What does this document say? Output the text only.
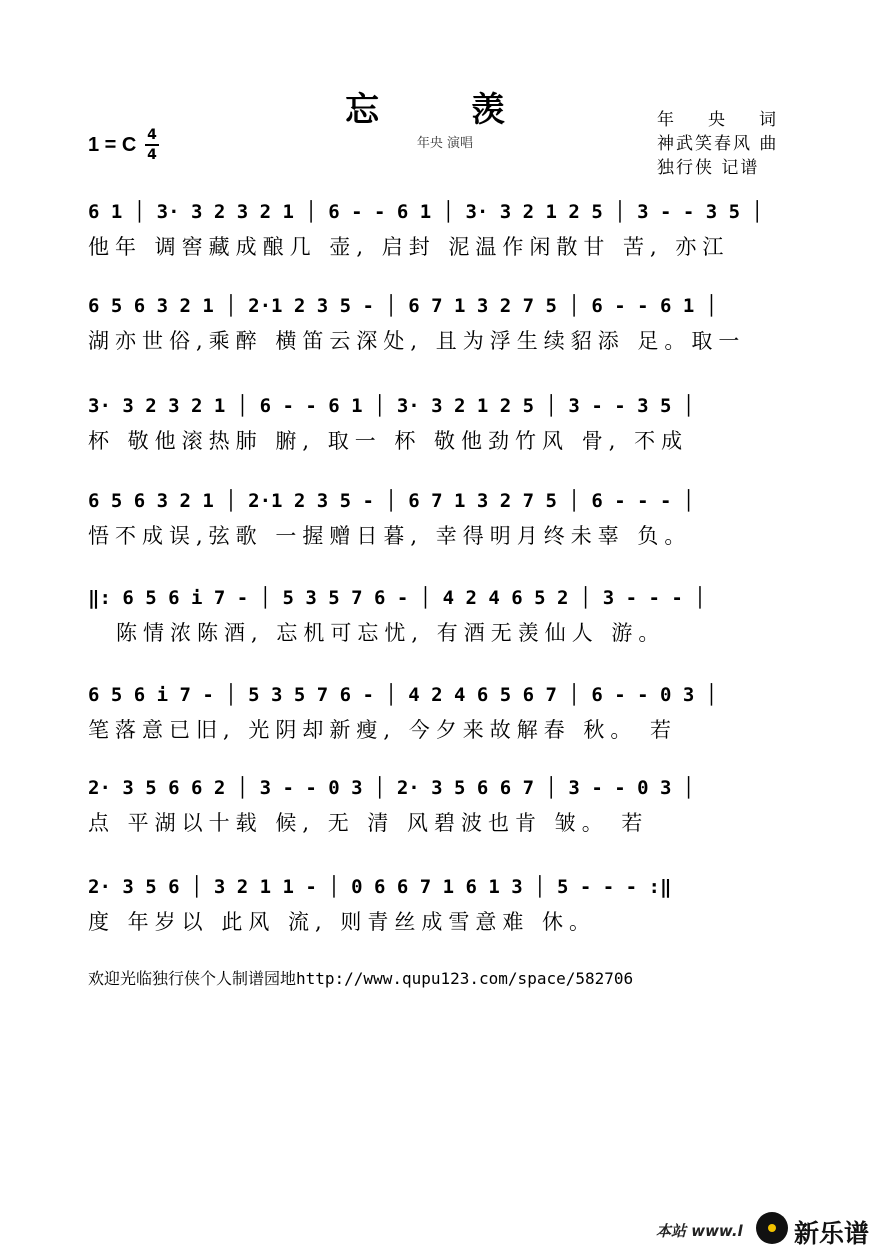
忘 羡
年央 演唱
1 = C 4
4
年央词
神武笑春风 曲
独行侠 记谱
6 1 │ 3· 3 2 3 2 1 │ 6 - - 6 1 │ 3· 3 2 1 2 5 │ 3 - - 3 5 │
他年 调窖藏成酿几 壶, 启封 泥温作闲散甘 苦, 亦江
6 5 6 3 2 1 │ 2·1 2 3 5 - │ 6 7 1 3 2 7 5 │ 6 - - 6 1 │
湖亦世俗,乘醉 横笛云深处, 且为浮生续貂添 足。取一
3· 3 2 3 2 1 │ 6 - - 6 1 │ 3· 3 2 1 2 5 │ 3 - - 3 5 │
杯 敬他滚热肺 腑, 取一 杯 敬他劲竹风 骨, 不成
6 5 6 3 2 1 │ 2·1 2 3 5 - │ 6 7 1 3 2 7 5 │ 6 - - - │
悟不成误,弦歌 一握赠日暮, 幸得明月终未辜 负。
‖: 6 5 6 i 7 - │ 5 3 5 7 6 - │ 4 2 4 6 5 2 │ 3 - - - │
陈情浓陈酒, 忘机可忘忧, 有酒无羡仙人 游。
6 5 6 i 7 - │ 5 3 5 7 6 - │ 4 2 4 6 5 6 7 │ 6 - - 0 3 │
笔落意已旧, 光阴却新瘦, 今夕来故解春 秋。 若
2· 3 5 6 6 2 │ 3 - - 0 3 │ 2· 3 5 6 6 7 │ 3 - - 0 3 │
点 平湖以十载 候, 无 清 风碧波也肯 皱。 若
2· 3 5 6 │ 3 2 1 1 - │ 0 6 6 7 1 6 1 3 │ 5 - - - :‖
度 年岁以 此风 流, 则青丝成雪意难 休。
欢迎光临独行侠个人制谱园地http://www.qupu123.com/space/582706
本站 www.l 新乐谱
